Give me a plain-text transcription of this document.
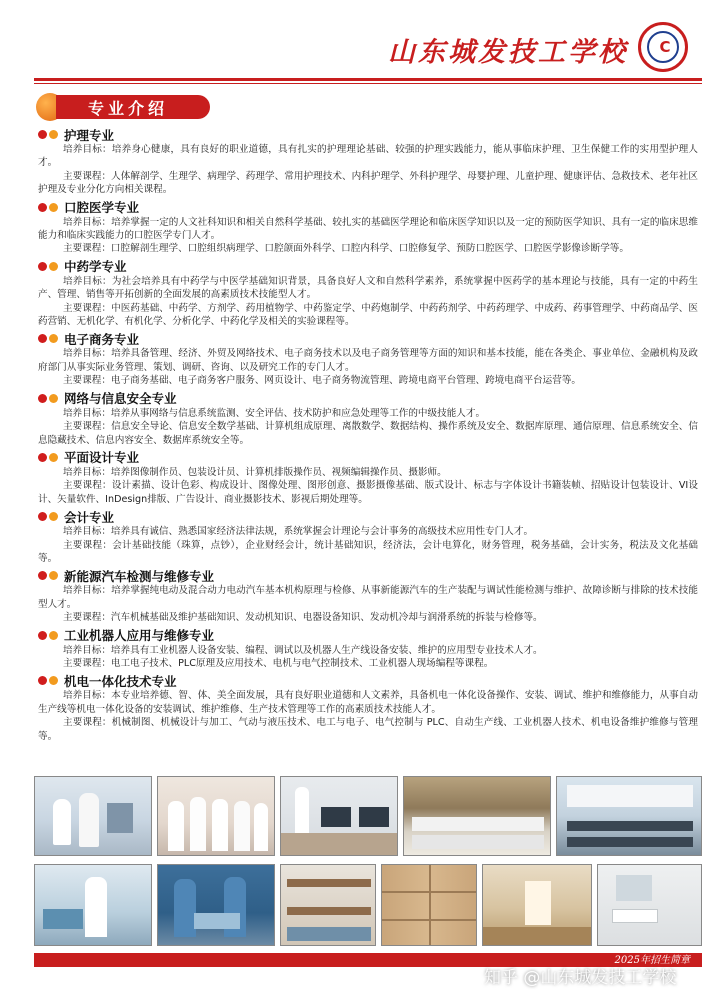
山东城发技工学校	C
专业介绍
护理专业

培养目标：培养身心健康，具有良好的职业道德，具有扎实的护理理论基础、较强的护理实践能力，能从事临床护理、卫生保健工作的实用型护理人才。

主要课程：人体解剖学、生理学、病理学、药理学、常用护理技术、内科护理学、外科护理学、母婴护理、儿童护理、健康评估、急救技术、老年社区护理及专业分化方向相关课程。

口腔医学专业

培养目标：培养掌握一定的人文社科知识和相关自然科学基础、较扎实的基础医学理论和临床医学知识以及一定的预防医学知识、具有一定的临床思维能力和临床实践能力的口腔医学专门人才。

主要课程：口腔解剖生理学、口腔组织病理学、口腔颌面外科学、口腔内科学、口腔修复学、预防口腔医学、口腔医学影像诊断学等。

中药学专业

培养目标：为社会培养具有中药学与中医学基础知识背景，具备良好人文和自然科学素养，系统掌握中医药学的基本理论与技能，具有一定的中药生产、管理、销售等开拓创新的全面发展的高素质技术技能型人才。

主要课程：中医药基础、中药学、方剂学、药用植物学、中药鉴定学、中药炮制学、中药药剂学、中药药理学、中成药、药事管理学、中药商品学、医药营销、无机化学、有机化学、分析化学、中药化学及相关的实验课程等。

电子商务专业

培养目标：培养具备管理、经济、外贸及网络技术、电子商务技术以及电子商务管理等方面的知识和基本技能，能在各类企、事业单位、金融机构及政府部门从事实际业务管理、策划、调研、咨询、以及研究工作的专门人才。

主要课程：电子商务基础、电子商务客户服务、网页设计、电子商务物流管理、跨境电商平台管理、跨境电商平台运营等。

网络与信息安全专业

培养目标：培养从事网络与信息系统监测、安全评估、技术防护和应急处理等工作的中级技能人才。

主要课程：信息安全导论、信息安全数学基础、计算机组成原理、离散数学、数据结构、操作系统及安全、数据库原理、通信原理、信息系统安全、信息隐藏技术、信息内容安全、数据库系统安全等。

平面设计专业

培养目标：培养图像制作员、包装设计员、计算机排版操作员、视频编辑操作员、摄影师。

主要课程：设计素描、设计色彩、构成设计、图像处理、图形创意、摄影摄像基础、版式设计、标志与字体设计书籍装帧、招贴设计包装设计、VI设计、矢量软件、InDesign排版、广告设计、商业摄影技术、影视后期处理等。

会计专业

培养目标：培养具有诚信、熟悉国家经济法律法规，系统掌握会计理论与会计事务的高级技术应用性专门人才。

主要课程：会计基础技能（珠算，点钞），企业财经会计，统计基础知识，经济法，会计电算化，财务管理，税务基础，会计实务，税法及文化基础等。

新能源汽车检测与维修专业

培养目标：培养掌握纯电动及混合动力电动汽车基本机构原理与检修、从事新能源汽车的生产装配与调试性能检测与维护、故障诊断与排除的技术技能型人才。

主要课程：汽车机械基础及维护基础知识、发动机知识、电器设备知识、发动机冷却与润滑系统的拆装与检修等。

工业机器人应用与维修专业

培养目标：培养具有工业机器人设备安装、编程、调试以及机器人生产线设备安装、维护的应用型专业技术人才。

主要课程：电工电子技术、PLC原理及应用技术、电机与电气控制技术、工业机器人现场编程等课程。

机电一体化技术专业

培养目标：本专业培养德、智、体、美全面发展，具有良好职业道德和人文素养，具备机电一体化设备操作、安装、调试、维护和维修能力，从事自动生产线等机电一体化设备的安装调试、维护维修、生产技术管理等工作的高素质技术技能人才。

主要课程：机械制图、机械设计与加工、气动与液压技术、电工与电子、电气控制与 PLC、自动生产线、工业机器人技术、机电设备维护维修与管理等。

2025年招生简章
知乎 @山东城发技工学校
